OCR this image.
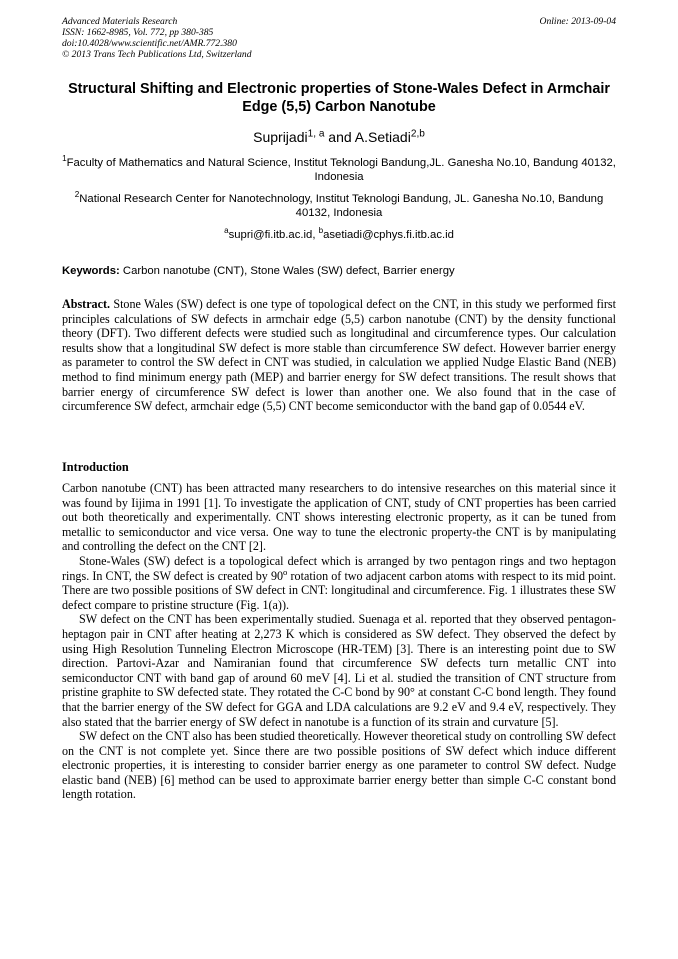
Advanced Materials Research
ISSN: 1662-8985, Vol. 772, pp 380-385
doi:10.4028/www.scientific.net/AMR.772.380
© 2013 Trans Tech Publications Ltd, Switzerland
Online: 2013-09-04
Structural Shifting and Electronic properties of Stone-Wales Defect in Armchair Edge (5,5) Carbon Nanotube
Suprijadi$^{1, a}$ and A.Setiadi$^{2,b}$
$^1$Faculty of Mathematics and Natural Science, Institut Teknologi Bandung,JL. Ganesha No.10, Bandung 40132, Indonesia
$^2$National Research Center for Nanotechnology, Institut Teknologi Bandung, JL. Ganesha No.10, Bandung 40132, Indonesia
$^a$supri@fi.itb.ac.id, $^b$asetiadi@cphys.fi.itb.ac.id
Keywords: Carbon nanotube (CNT), Stone Wales (SW) defect, Barrier energy

Abstract. Stone Wales (SW) defect is one type of topological defect on the CNT, in this study we performed first principles calculations of SW defects in armchair edge (5,5) carbon nanotube (CNT) by the density functional theory (DFT). Two different defects were studied such as longitudinal and circumference types. Our calculation results show that a longitudinal SW defect is more stable than circumference SW defect. However barrier energy as parameter to control the SW defect in CNT was studied, in calculation we applied Nudge Elastic Band (NEB) method to find minimum energy path (MEP) and barrier energy for SW defect transitions. The result shows that barrier energy of circumference SW defect is lower than another one. We also found that in the case of circumference SW defect, armchair edge (5,5) CNT become semiconductor with the band gap of 0.0544 eV.

Introduction

Carbon nanotube (CNT) has been attracted many researchers to do intensive researches on this material since it was found by Iijima in 1991 [1]. To investigate the application of CNT, study of CNT properties has been carried out both theoretically and experimentally. CNT shows interesting electronic property, as it can be tuned from metallic to semiconductor and vice versa. One way to tune the electronic property-the CNT is by manipulating and controlling the defect on the CNT [2].

Stone-Wales (SW) defect is a topological defect which is arranged by two pentagon rings and two heptagon rings. In CNT, the SW defect is created by 90$^o$ rotation of two adjacent carbon atoms with respect to its mid point. There are two possible positions of SW defect in CNT: longitudinal and circumference. Fig. 1 illustrates these SW defect compare to pristine structure (Fig. 1(a)).

SW defect on the CNT has been experimentally studied. Suenaga et al. reported that they observed pentagon-heptagon pair in CNT after heating at 2,273 K which is considered as SW defect. They observed the defect by using High Resolution Tunneling Electron Microscope (HR-TEM) [3]. There is an interesting point due to SW direction. Partovi-Azar and Namiranian found that circumference SW defects turn metallic CNT into semiconductor CNT with band gap of around 60 meV [4]. Li et al. studied the transition of CNT structure from pristine graphite to SW defected state. They rotated the C-C bond by 90° at constant C-C bond length. They found that the barrier energy of the SW defect for GGA and LDA calculations are 9.2 eV and 9.4 eV, respectively. They also stated that the barrier energy of SW defect in nanotube is a function of its strain and curvature [5].

SW defect on the CNT also has been studied theoretically. However theoretical study on controlling SW defect on the CNT is not complete yet. Since there are two possible positions of SW defect which induce different electronic properties, it is interesting to consider barrier energy as one parameter to control SW defect. Nudge elastic band (NEB) [6] method can be used to approximate barrier energy better than simple C-C constant bond length rotation.
